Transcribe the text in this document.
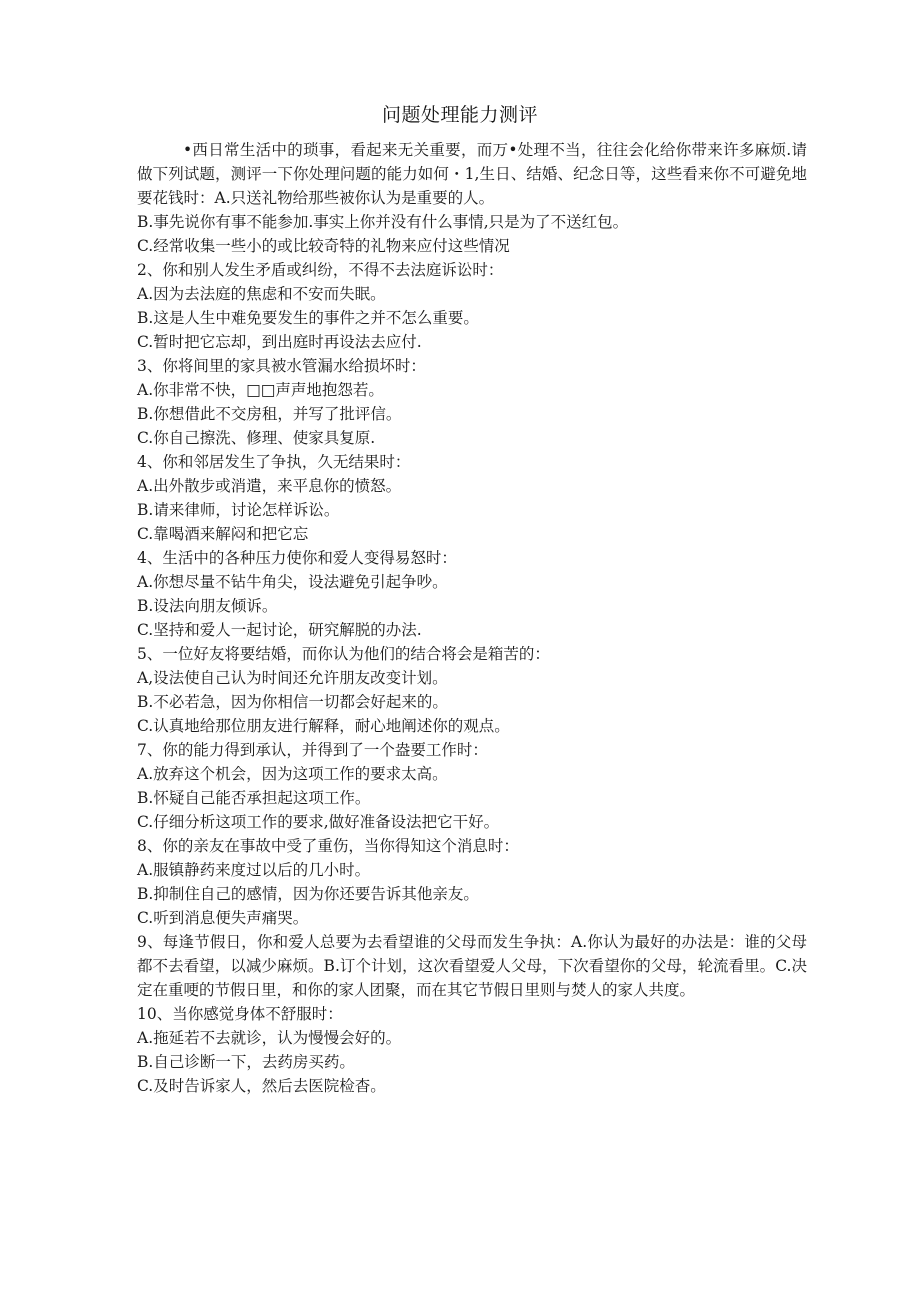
问题处理能力测评

•西日常生活中的琐事，看起来无关重要，而万•处理不当，往往会化给你带来许多麻烦.请做下列试题，测评一下你处理问题的能力如何・1,生日、结婚、纪念日等，这些看来你不可避免地要花钱时：A.只送礼物给那些被你认为是重要的人。

B.事先说你有事不能参加.事实上你并没有什么事情,只是为了不送红包。

C.经常收集一些小的或比较奇特的礼物来应付这些情况

2、你和别人发生矛盾或纠纷，不得不去法庭诉讼时：

A.因为去法庭的焦虑和不安而失眠。

B.这是人生中难免要发生的事件之并不怎么重要。

C.暂时把它忘却，到出庭时再设法去应付.

3、你将间里的家具被水管漏水给损坏时：

A.你非常不快，□□声声地抱怨若。

B.你想借此不交房租，并写了批评信。

C.你自己擦洗、修理、使家具复原.

4、你和邻居发生了争执，久无结果时：

A.出外散步或消遣，来平息你的愤怒。

B.请来律师，讨论怎样诉讼。

C.靠喝酒来解闷和把它忘

4、生活中的各种压力使你和爱人变得易怒时：

A.你想尽量不钻牛角尖，设法避免引起争吵。

B.设法向朋友倾诉。

C.坚持和爱人一起讨论，研究解脱的办法.

5、一位好友将要结婚，而你认为他们的结合将会是箱苦的：

A,设法使自己认为时间还允许朋友改变计划。

B.不必若急，因为你相信一切都会好起来的。

C.认真地给那位朋友进行解释，耐心地阐述你的观点。

7、你的能力得到承认，并得到了一个盎要工作时：

A.放弃这个机会，因为这项工作的要求太高。

B.怀疑自己能否承担起这项工作。

C.仔细分析这项工作的要求,做好准备设法把它干好。

8、你的亲友在事故中受了重伤，当你得知这个消息时：

A.服镇静药来度过以后的几小时。

B.抑制住自己的感情，因为你还要告诉其他亲友。

C.听到消息便失声痛哭。

9、每逢节假日，你和爱人总要为去看望谁的父母而发生争执：A.你认为最好的办法是：谁的父母都不去看望，以减少麻烦。B.订个计划，这次看望爱人父母，下次看望你的父母，轮流看里。C.决定在重哽的节假日里，和你的家人团聚，而在其它节假日里则与焚人的家人共度。

10、当你感觉身体不舒服时：

A.拖延若不去就诊，认为慢慢会好的。

B.自己诊断一下，去药房买药。

C.及时告诉家人，然后去医院检杳。
